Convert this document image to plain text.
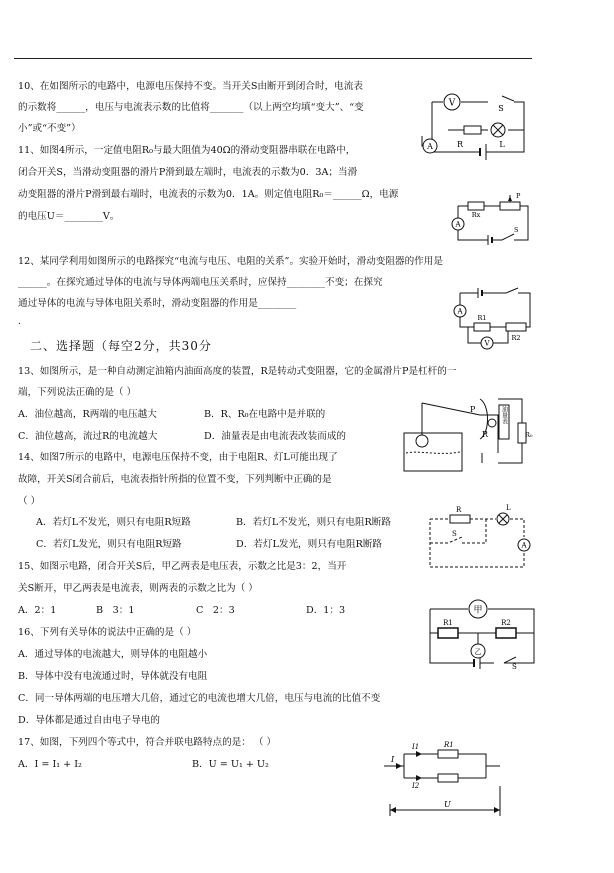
10、在如图所示的电路中，电源电压保持不变。当开关S由断开到闭合时，电流表
的示数将______，电压与电流表示数的比值将_______（以上两空均填“变大”、“变
小”或“不变”）
V	S
A	R	L
11、如图4所示，一定值电阻R₀与最大阻值为40Ω的滑动变阻器串联在电路中，
闭合开关S，当滑动变阻器的滑片P滑到最左端时，电流表的示数为0．3A；当滑
动变阻器的滑片P滑到最右端时，电流表的示数为0．1A。则定值电阻R₀＝______Ω，电源
的电压U＝________V。	Rx
P
A
S
12、某同学利用如图所示的电路探究“电流与电压、电阻的关系”。实验开始时，滑动变阻器的作用是
______。在探究通过导体的电流与导体两端电压关系时，应保持________不变；在探究
通过导体的电流与导体电阻关系时，滑动变阻器的作用是________
.
A
R1
R2
V
二、选择题（每空2分，共30分
13、如图所示，是一种自动测定油箱内油面高度的装置，R是转动式变阻器，它的金属滑片P是杠杆的一
端，下列说法正确的是（ ）
A．油位越高，R两端的电压越大	B．R、R₀在电路中是并联的
C．油位越高，流过R的电流越大	D．油量表是由电流表改装而成的
P
R
油量表
R₀
14、如图7所示的电路中，电源电压保持不变，由于电阻R、灯L可能出现了
故障，开关S闭合前后，电流表指针所指的位置不变，下列判断中正确的是
（ ）
A．若灯L不发光，则只有电阻R短路	B．若灯L不发光，则只有电阻R断路
C．若灯L发光，则只有电阻R短路	D．若灯L发光，则只有电阻R断路
R	L
S
A
15、如图示电路，闭合开关S后，甲乙两表是电压表，示数之比是3：2，当开
关S断开，甲乙两表是电流表，则两表的示数之比为（ ）
A．2：1	B　3：1	C　2：3	D．1：3	甲
R1	R2
乙
S
16、下列有关导体的说法中正确的是（ ）
A．通过导体的电流越大，则导体的电阻越小
B．导体中没有电流通过时，导体就没有电阻
C．同一导体两端的电压增大几倍，通过它的电流也增大几倍，电压与电流的比值不变
D．导体都是通过自由电子导电的
17、如图，下列四个等式中，符合并联电路特点的是： （ ）
A．I = I₁ + I₂	B．U = U₁ + U₂	I
I1
I2
R1
U
